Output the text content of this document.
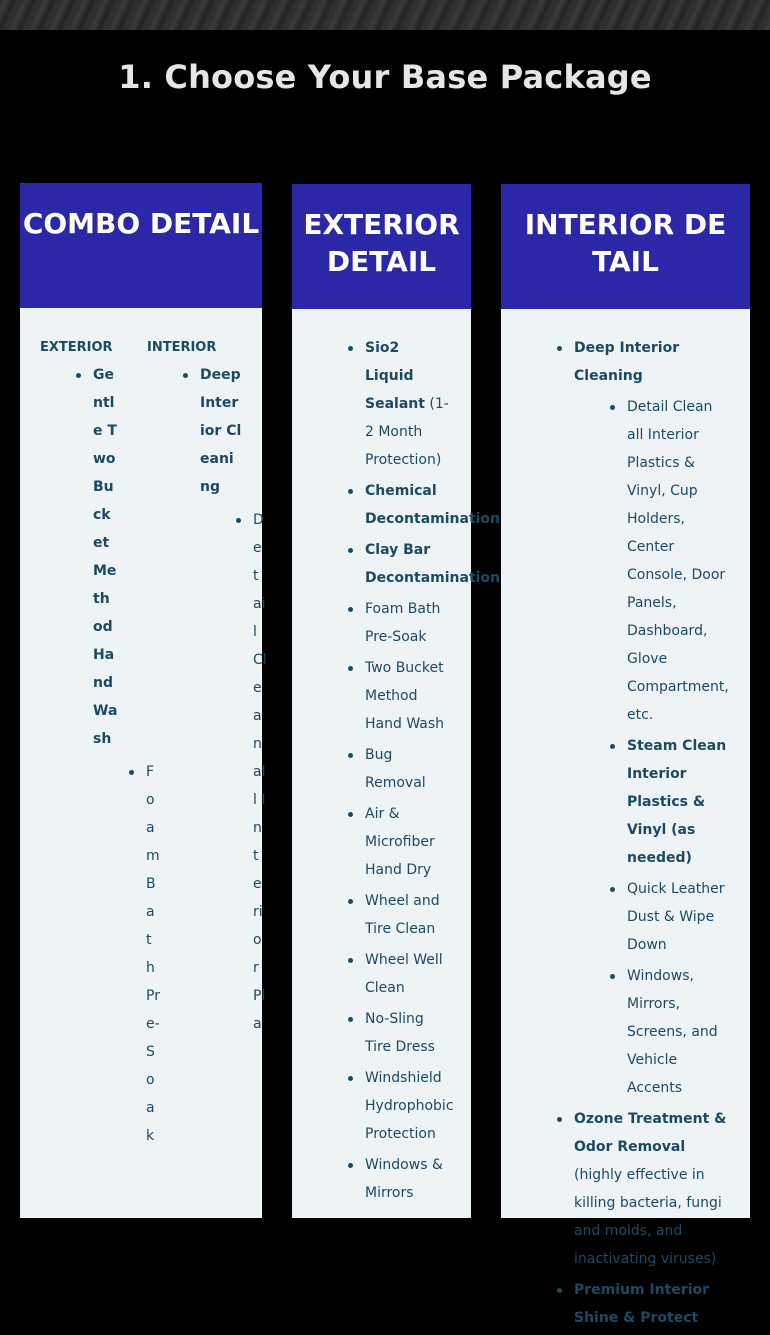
1. Choose Your Base Package
COMBO DETAIL
EXTERIOR	INTERIOR
Gentle Two Bucket Method Hand Wash
Foam Bath Pre-Soak
Deep Interior Cleaning
Detail Clean all Interior Pla
EXTERIOR DETAIL
Sio2 Liquid Sealant (1-2 Month Protection)
Chemical Decontamination
Clay Bar Decontamination
Foam Bath Pre-Soak
Two Bucket Method Hand Wash
Bug Removal
Air & Microfiber Hand Dry
Wheel and Tire Clean
Wheel Well Clean
No-Sling Tire Dress
Windshield Hydrophobic Protection
Windows & Mirrors
INTERIOR DETAIL
Deep Interior Cleaning
Detail Clean all Interior Plastics & Vinyl, Cup Holders, Center Console, Door Panels, Dashboard, Glove Compartment, etc.
Steam Clean Interior Plastics & Vinyl (as needed)
Quick Leather Dust & Wipe Down
Windows, Mirrors, Screens, and Vehicle Accents
Ozone Treatment & Odor Removal (highly effective in killing bacteria, fungi and molds, and inactivating viruses)
Premium Interior Shine & Protect
